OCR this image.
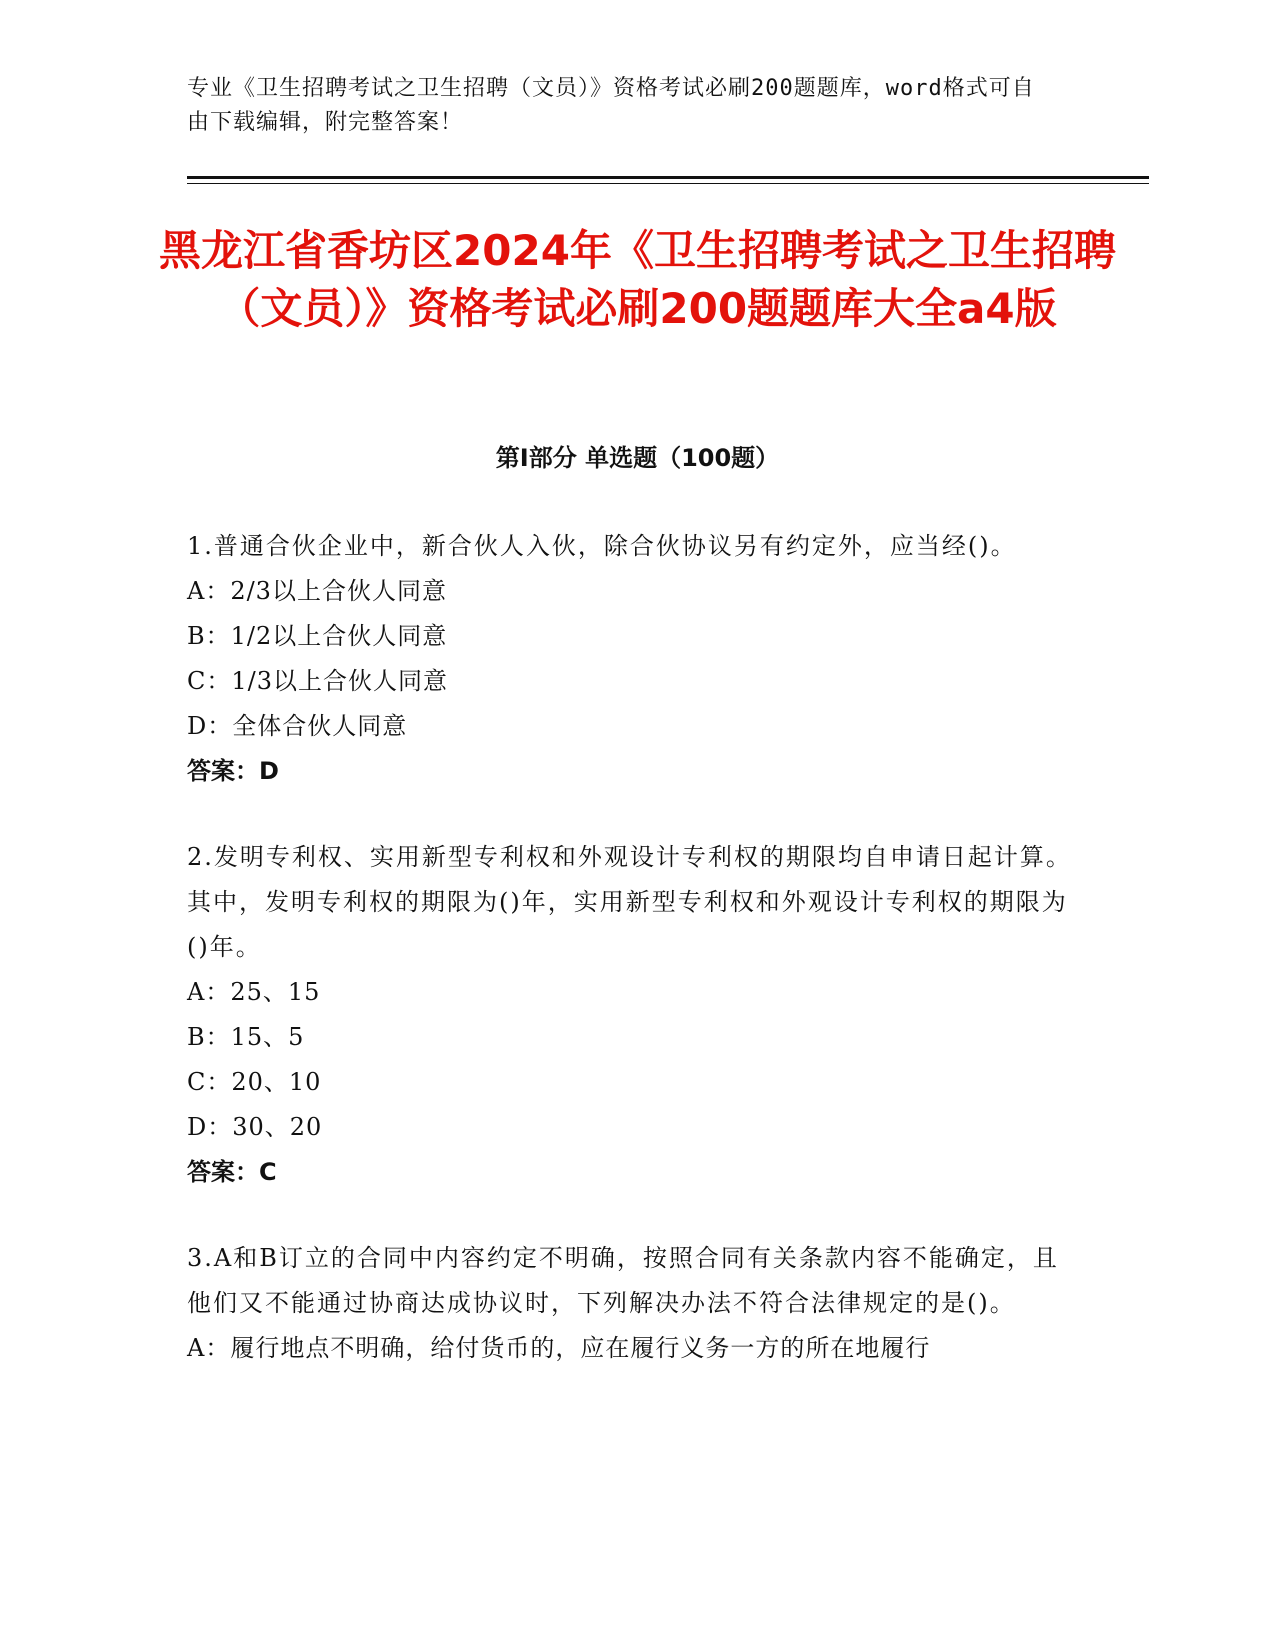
专业《卫生招聘考试之卫生招聘（文员）》资格考试必刷200题题库，word格式可自由下载编辑，附完整答案！
黑龙江省香坊区2024年《卫生招聘考试之卫生招聘（文员）》资格考试必刷200题题库大全a4版
第I部分 单选题（100题）
1.普通合伙企业中，新合伙人入伙，除合伙协议另有约定外，应当经()。
A：2/3以上合伙人同意
B：1/2以上合伙人同意
C：1/3以上合伙人同意
D：全体合伙人同意
答案：D
2.发明专利权、实用新型专利权和外观设计专利权的期限均自申请日起计算。其中，发明专利权的期限为()年，实用新型专利权和外观设计专利权的期限为()年。
A：25、15
B：15、5
C：20、10
D：30、20
答案：C
3.A和B订立的合同中内容约定不明确，按照合同有关条款内容不能确定，且他们又不能通过协商达成协议时，下列解决办法不符合法律规定的是()。
A：履行地点不明确，给付货币的，应在履行义务一方的所在地履行
